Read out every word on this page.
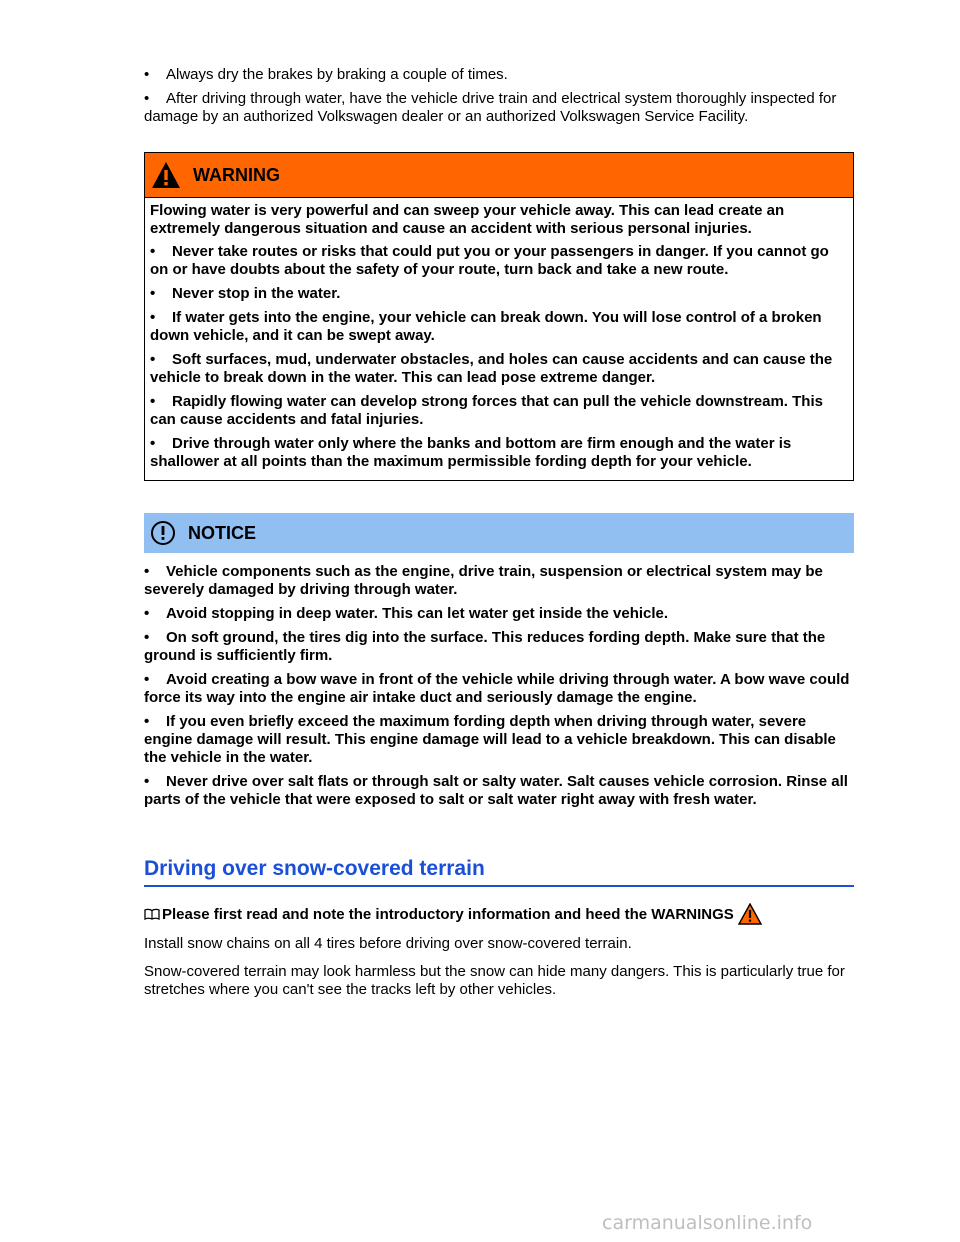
• Always dry the brakes by braking a couple of times.
• After driving through water, have the vehicle drive train and electrical system thoroughly inspected for damage by an authorized Volkswagen dealer or an authorized Volkswagen Service Facility.
WARNING

Flowing water is very powerful and can sweep your vehicle away. This can lead create an extremely dangerous situation and cause an accident with serious personal injuries.

• Never take routes or risks that could put you or your passengers in danger. If you cannot go on or have doubts about the safety of your route, turn back and take a new route.
• Never stop in the water.
• If water gets into the engine, your vehicle can break down. You will lose control of a broken down vehicle, and it can be swept away.
• Soft surfaces, mud, underwater obstacles, and holes can cause accidents and can cause the vehicle to break down in the water. This can lead pose extreme danger.
• Rapidly flowing water can develop strong forces that can pull the vehicle downstream. This can cause accidents and fatal injuries.
• Drive through water only where the banks and bottom are firm enough and the water is shallower at all points than the maximum permissible fording depth for your vehicle.
NOTICE
• Vehicle components such as the engine, drive train, suspension or electrical system may be severely damaged by driving through water.
• Avoid stopping in deep water. This can let water get inside the vehicle.
• On soft ground, the tires dig into the surface. This reduces fording depth. Make sure that the ground is sufficiently firm.
• Avoid creating a bow wave in front of the vehicle while driving through water. A bow wave could force its way into the engine air intake duct and seriously damage the engine.
• If you even briefly exceed the maximum fording depth when driving through water, severe engine damage will result. This engine damage will lead to a vehicle breakdown. This can disable the vehicle in the water.
• Never drive over salt flats or through salt or salty water. Salt causes vehicle corrosion. Rinse all parts of the vehicle that were exposed to salt or salt water right away with fresh water.
Driving over snow-covered terrain
Please first read and note the introductory information and heed the WARNINGS

Install snow chains on all 4 tires before driving over snow-covered terrain.

Snow-covered terrain may look harmless but the snow can hide many dangers. This is particularly true for stretches where you can't see the tracks left by other vehicles.

carmanualsonline.info
